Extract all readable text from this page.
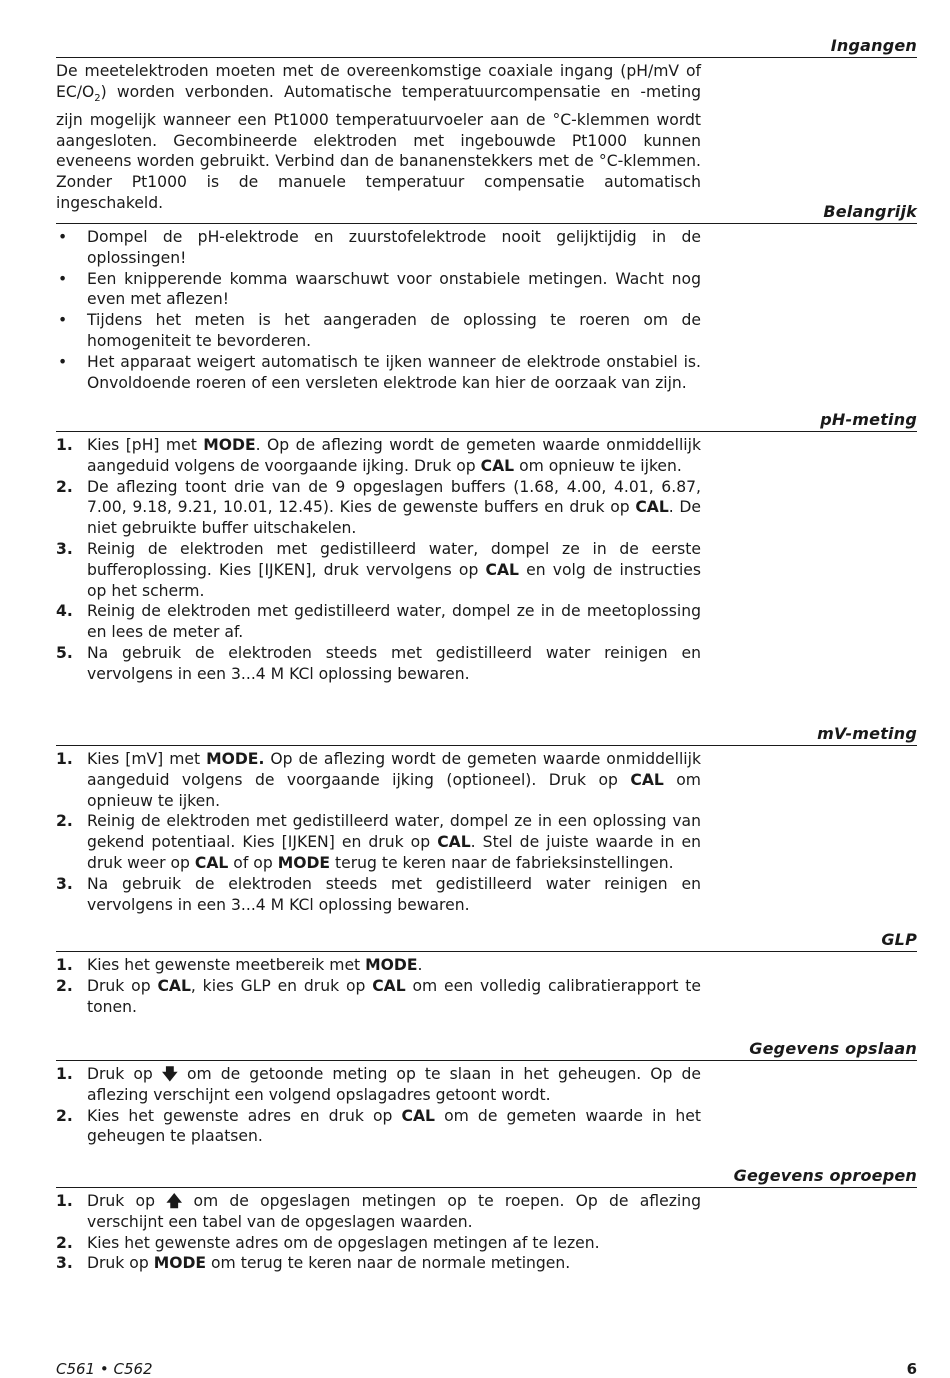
Ingangen
De meetelektroden moeten met de overeenkomstige coaxiale ingang (pH/mV of $EC/O_2$) worden verbonden. Automatische temperatuurcompensatie en -meting zijn mogelijk wanneer een Pt1000 temperatuurvoeler aan de °C-klemmen wordt aangesloten. Gecombineerde elektroden met ingebouwde Pt1000 kunnen eveneens worden gebruikt. Verbind dan de bananenstekkers met de °C-klemmen. Zonder Pt1000 is de manuele temperatuur compensatie automatisch ingeschakeld.	Belangrijk
• Dompel de pH-elektrode en zuurstofelektrode nooit gelijktijdig in de oplossingen!
• Een knipperende komma waarschuwt voor onstabiele metingen. Wacht nog even met aflezen!
• Tijdens het meten is het aangeraden de oplossing te roeren om de homogeniteit te bevorderen.
• Het apparaat weigert automatisch te ijken wanneer de elektrode onstabiel is. Onvoldoende roeren of een versleten elektrode kan hier de oorzaak van zijn.
pH-meting
1. Kies [pH] met MODE. Op de aflezing wordt de gemeten waarde onmiddellijk aangeduid volgens de voorgaande ijking. Druk op CAL om opnieuw te ijken.
2. De aflezing toont drie van de 9 opgeslagen buffers (1.68, 4.00, 4.01, 6.87, 7.00, 9.18, 9.21, 10.01, 12.45). Kies de gewenste buffers en druk op CAL. De niet gebruikte buffer uitschakelen.
3. Reinig de elektroden met gedistilleerd water, dompel ze in de eerste bufferoplossing. Kies [IJKEN], druk vervolgens op CAL en volg de instructies op het scherm.
4. Reinig de elektroden met gedistilleerd water, dompel ze in de meetoplossing en lees de meter af.
5. Na gebruik de elektroden steeds met gedistilleerd water reinigen en vervolgens in een 3...4 M KCl oplossing bewaren.
mV-meting
1. Kies [mV] met MODE. Op de aflezing wordt de gemeten waarde onmiddellijk aangeduid volgens de voorgaande ijking (optioneel). Druk op CAL om opnieuw te ijken.
2. Reinig de elektroden met gedistilleerd water, dompel ze in een oplossing van gekend potentiaal. Kies [IJKEN] en druk op CAL. Stel de juiste waarde in en druk weer op CAL of op MODE terug te keren naar de fabrieksinstellingen.
3. Na gebruik de elektroden steeds met gedistilleerd water reinigen en vervolgens in een 3...4 M KCl oplossing bewaren.
GLP
1. Kies het gewenste meetbereik met MODE.
2. Druk op CAL, kies GLP en druk op CAL om een volledig calibratierapport te tonen.
Gegevens opslaan
1. Druk op 🡇 om de getoonde meting op te slaan in het geheugen. Op de aflezing verschijnt een volgend opslagadres getoont wordt.
2. Kies het gewenste adres en druk op CAL om de gemeten waarde in het geheugen te plaatsen.
Gegevens oproepen
1. Druk op 🡅 om de opgeslagen metingen op te roepen. Op de aflezing verschijnt een tabel van de opgeslagen waarden.
2. Kies het gewenste adres om de opgeslagen metingen af te lezen.
3. Druk op MODE om terug te keren naar de normale metingen.
C561 • C562	6
